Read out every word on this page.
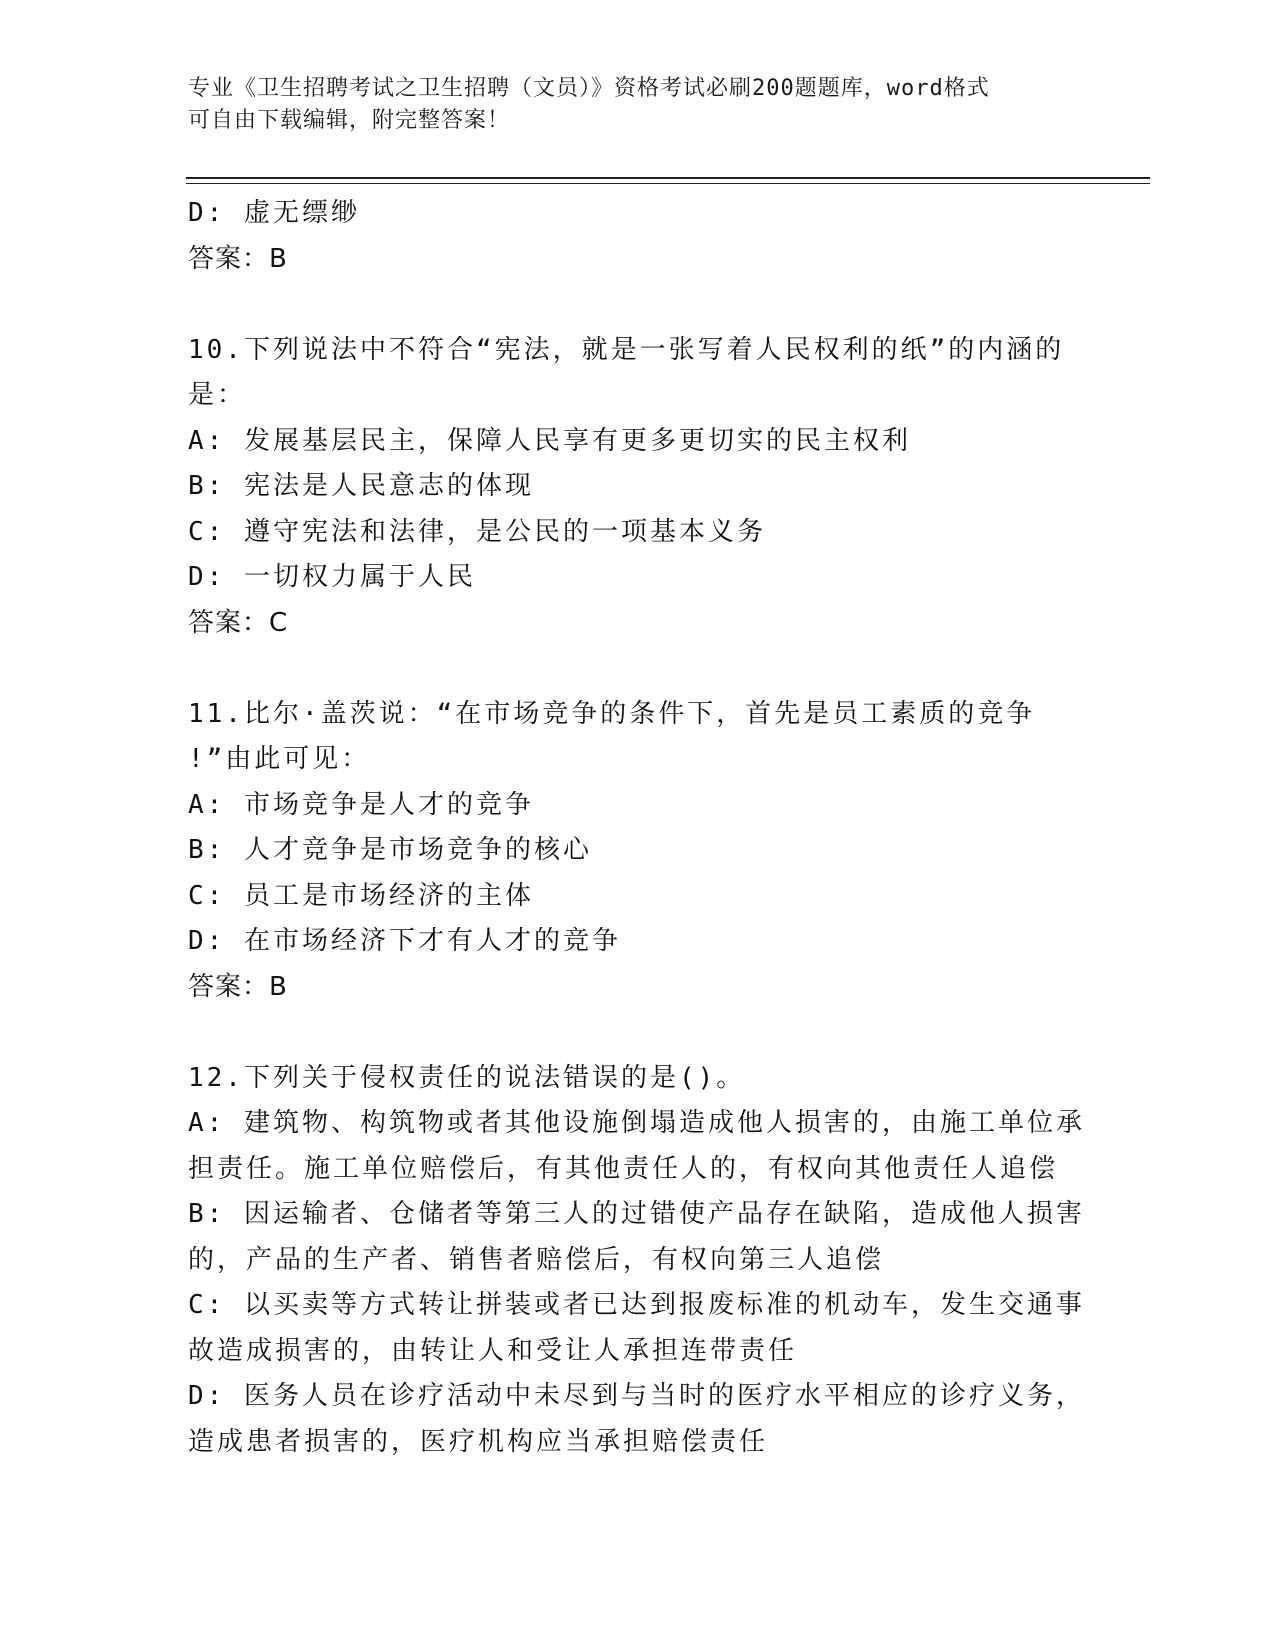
专业《卫生招聘考试之卫生招聘（文员）》资格考试必刷200题题库，word格式
可自由下载编辑，附完整答案！
D: 虚无缥缈
答案：B
10.下列说法中不符合“宪法，就是一张写着人民权利的纸”的内涵的
是：
A: 发展基层民主，保障人民享有更多更切实的民主权利
B: 宪法是人民意志的体现
C: 遵守宪法和法律，是公民的一项基本义务
D: 一切权力属于人民
答案：C
11.比尔·盖茨说：“在市场竞争的条件下，首先是员工素质的竞争
!”由此可见：
A: 市场竞争是人才的竞争
B: 人才竞争是市场竞争的核心
C: 员工是市场经济的主体
D: 在市场经济下才有人才的竞争
答案：B
12.下列关于侵权责任的说法错误的是()。
A: 建筑物、构筑物或者其他设施倒塌造成他人损害的，由施工单位承
担责任。施工单位赔偿后，有其他责任人的，有权向其他责任人追偿
B: 因运输者、仓储者等第三人的过错使产品存在缺陷，造成他人损害
的，产品的生产者、销售者赔偿后，有权向第三人追偿
C: 以买卖等方式转让拼装或者已达到报废标准的机动车，发生交通事
故造成损害的，由转让人和受让人承担连带责任
D: 医务人员在诊疗活动中未尽到与当时的医疗水平相应的诊疗义务，
造成患者损害的，医疗机构应当承担赔偿责任
